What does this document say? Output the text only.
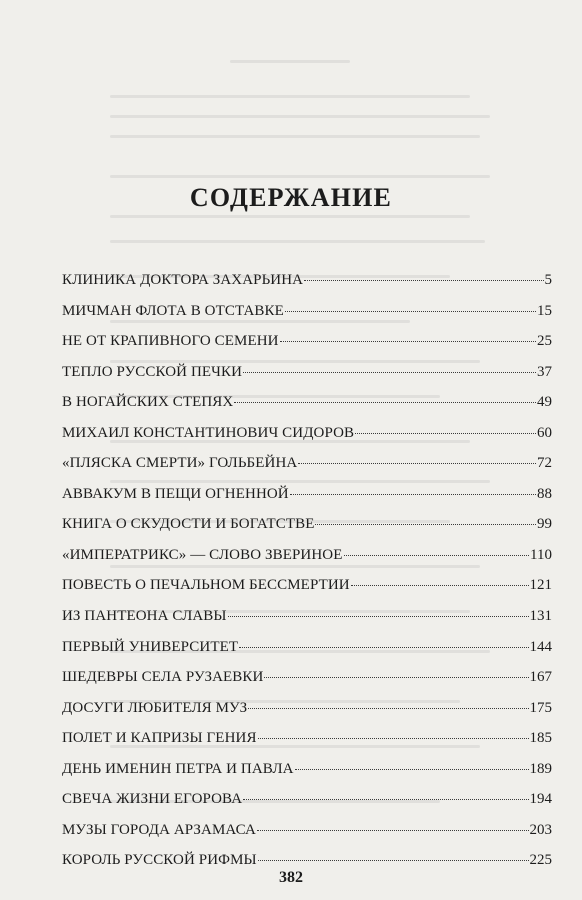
СОДЕРЖАНИЕ
КЛИНИКА ДОКТОРА ЗАХАРЬИНА	5
МИЧМАН ФЛОТА В ОТСТАВКЕ	15
НЕ ОТ КРАПИВНОГО СЕМЕНИ	25
ТЕПЛО РУССКОЙ ПЕЧКИ	37
В НОГАЙСКИХ СТЕПЯХ	49
МИХАИЛ КОНСТАНТИНОВИЧ СИДОРОВ	60
«ПЛЯСКА СМЕРТИ» ГОЛЬБЕЙНА	72
АВВАКУМ В ПЕЩИ ОГНЕННОЙ	88
КНИГА О СКУДОСТИ И БОГАТСТВЕ	99
«ИМПЕРАТРИКС» — СЛОВО ЗВЕРИНОЕ	110
ПОВЕСТЬ О ПЕЧАЛЬНОМ БЕССМЕРТИИ	121
ИЗ ПАНТЕОНА СЛАВЫ	131
ПЕРВЫЙ УНИВЕРСИТЕТ	144
ШЕДЕВРЫ СЕЛА РУЗАЕВКИ	167
ДОСУГИ ЛЮБИТЕЛЯ МУЗ	175
ПОЛЕТ И КАПРИЗЫ ГЕНИЯ	185
ДЕНЬ ИМЕНИН ПЕТРА И ПАВЛА	189
СВЕЧА ЖИЗНИ ЕГОРОВА	194
МУЗЫ ГОРОДА АРЗАМАСА	203
КОРОЛЬ РУССКОЙ РИФМЫ	225
382
